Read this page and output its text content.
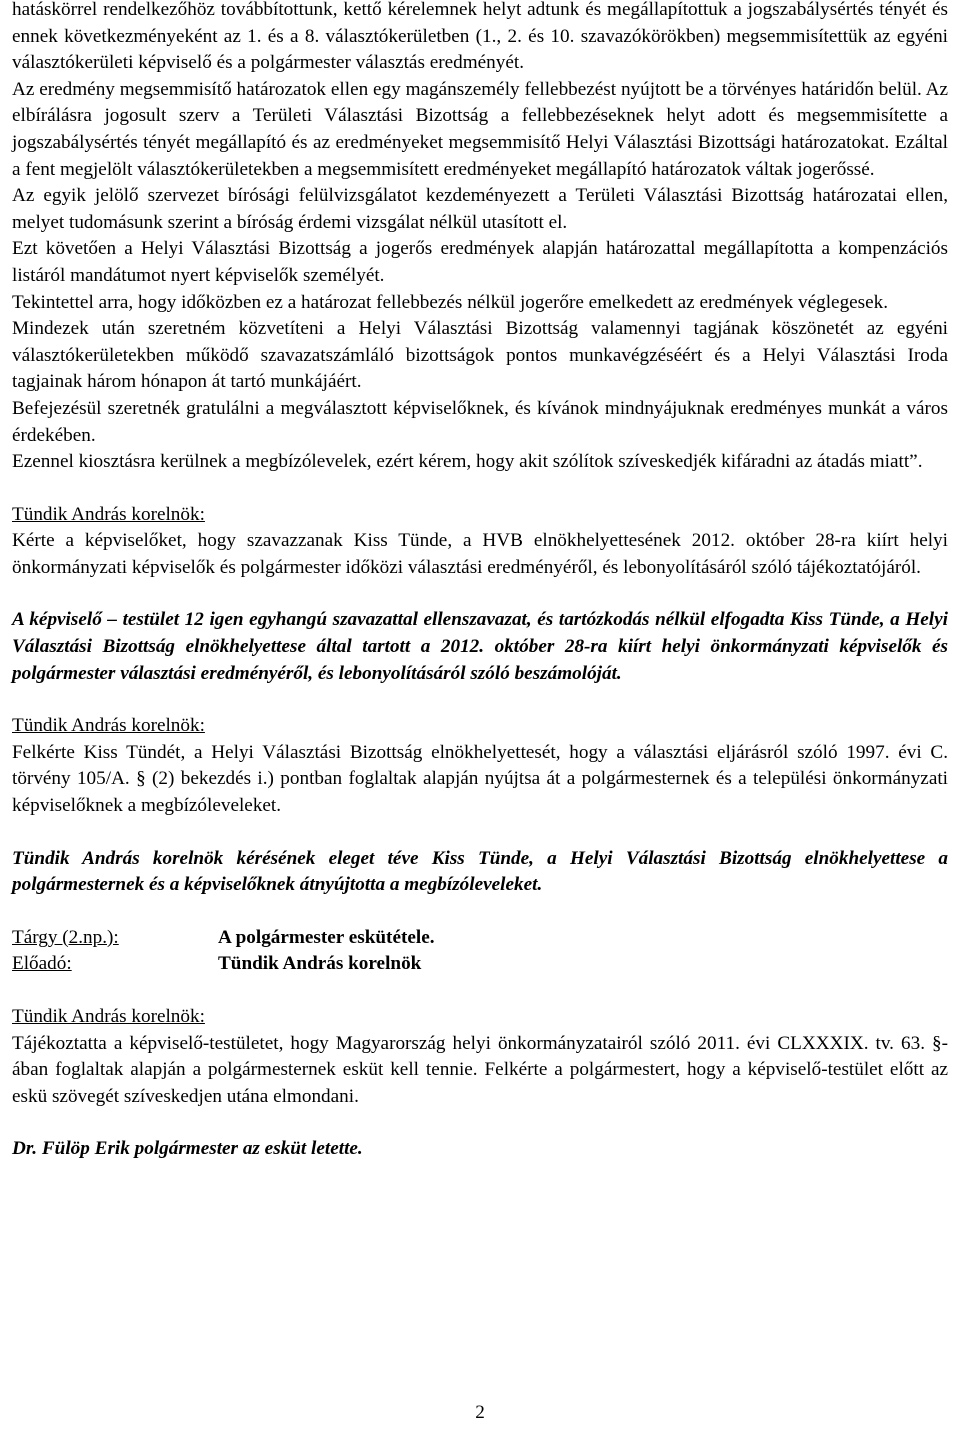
hatáskörrel rendelkezőhöz továbbítottunk, kettő kérelemnek helyt adtunk és megállapítottuk a jogszabálysértés tényét és ennek következményeként az 1. és a 8. választókerületben (1., 2. és 10. szavazókörökben) megsemmisítettük az egyéni választókerületi képviselő és a polgármester választás eredményét.

Az eredmény megsemmisítő határozatok ellen egy magánszemély fellebbezést nyújtott be a törvényes határidőn belül. Az elbírálásra jogosult szerv a Területi Választási Bizottság a fellebbezéseknek helyt adott és megsemmisítette a jogszabálysértés tényét megállapító és az eredményeket megsemmisítő Helyi Választási Bizottsági határozatokat. Ezáltal a fent megjelölt választókerületekben a megsemmisített eredményeket megállapító határozatok váltak jogerőssé.

Az egyik jelölő szervezet bírósági felülvizsgálatot kezdeményezett a Területi Választási Bizottság határozatai ellen, melyet tudomásunk szerint a bíróság érdemi vizsgálat nélkül utasított el.

Ezt követően a Helyi Választási Bizottság a jogerős eredmények alapján határozattal megállapította a kompenzációs listáról mandátumot nyert képviselők személyét.

Tekintettel arra, hogy időközben ez a határozat fellebbezés nélkül jogerőre emelkedett az eredmények véglegesek.

Mindezek után szeretném közvetíteni a Helyi Választási Bizottság valamennyi tagjának köszönetét az egyéni választókerületekben működő szavazatszámláló bizottságok pontos munkavégzéséért és a Helyi Választási Iroda tagjainak három hónapon át tartó munkájáért.

Befejezésül szeretnék gratulálni a megválasztott képviselőknek, és kívánok mindnyájuknak eredményes munkát a város érdekében.

Ezennel kiosztásra kerülnek a megbízólevelek, ezért kérem, hogy akit szólítok szíveskedjék kifáradni az átadás miatt”.

Tündik András korelnök:

Kérte a képviselőket, hogy szavazzanak Kiss Tünde, a HVB elnökhelyettesének 2012. október 28-ra kiírt helyi önkormányzati képviselők és polgármester időközi választási eredményéről, és lebonyolításáról szóló tájékoztatójáról.

A képviselő – testület 12 igen egyhangú szavazattal ellenszavazat, és tartózkodás nélkül elfogadta Kiss Tünde, a Helyi Választási Bizottság elnökhelyettese által tartott a 2012. október 28-ra kiírt helyi önkormányzati képviselők és polgármester választási eredményéről, és lebonyolításáról szóló beszámolóját.

Tündik András korelnök:

Felkérte Kiss Tündét, a Helyi Választási Bizottság elnökhelyettesét, hogy a választási eljárásról szóló 1997. évi C. törvény 105/A. § (2) bekezdés i.) pontban foglaltak alapján nyújtsa át a polgármesternek és a települési önkormányzati képviselőknek a megbízóleveleket.

Tündik András korelnök kérésének eleget téve Kiss Tünde, a Helyi Választási Bizottság elnökhelyettese a polgármesternek és a képviselőknek átnyújtotta a megbízóleveleket.

Tárgy (2.np.):	A polgármester eskütétele.
Előadó:	Tündik András korelnök

Tündik András korelnök:

Tájékoztatta a képviselő-testületet, hogy Magyarország helyi önkormányzatairól szóló 2011. évi CLXXXIX. tv. 63. §-ában foglaltak alapján a polgármesternek esküt kell tennie. Felkérte a polgármestert, hogy a képviselő-testület előtt az eskü szövegét szíveskedjen utána elmondani.

Dr. Fülöp Erik polgármester az esküt letette.

2
